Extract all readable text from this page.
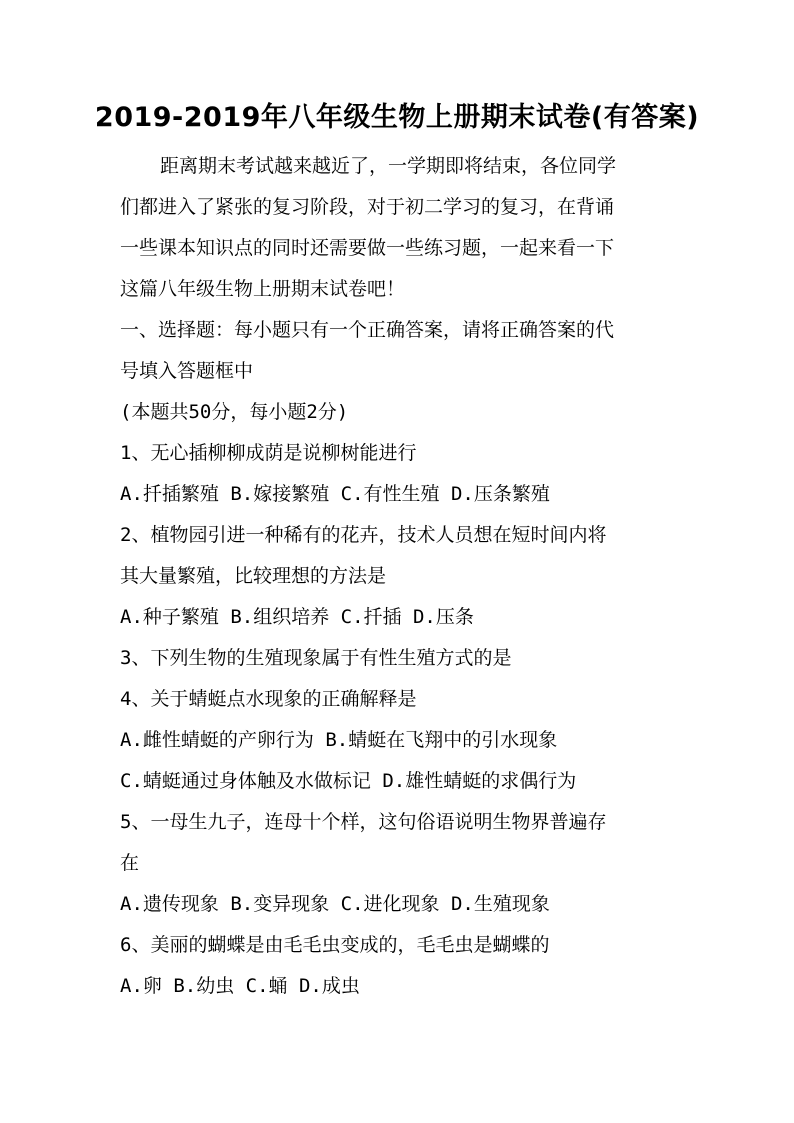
2019-2019年八年级生物上册期末试卷(有答案)
距离期末考试越来越近了，一学期即将结束，各位同学
们都进入了紧张的复习阶段，对于初二学习的复习，在背诵
一些课本知识点的同时还需要做一些练习题，一起来看一下
这篇八年级生物上册期末试卷吧！
一、选择题：每小题只有一个正确答案，请将正确答案的代
号填入答题框中
(本题共50分，每小题2分)
1、无心插柳柳成荫是说柳树能进行
A.扦插繁殖 B.嫁接繁殖 C.有性生殖 D.压条繁殖
2、植物园引进一种稀有的花卉，技术人员想在短时间内将
其大量繁殖，比较理想的方法是
A.种子繁殖 B.组织培养 C.扦插 D.压条
3、下列生物的生殖现象属于有性生殖方式的是
4、关于蜻蜓点水现象的正确解释是
A.雌性蜻蜓的产卵行为 B.蜻蜓在飞翔中的引水现象
C.蜻蜓通过身体触及水做标记 D.雄性蜻蜓的求偶行为
5、一母生九子，连母十个样，这句俗语说明生物界普遍存
在
A.遗传现象 B.变异现象 C.进化现象 D.生殖现象
6、美丽的蝴蝶是由毛毛虫变成的，毛毛虫是蝴蝶的
A.卵 B.幼虫 C.蛹 D.成虫
